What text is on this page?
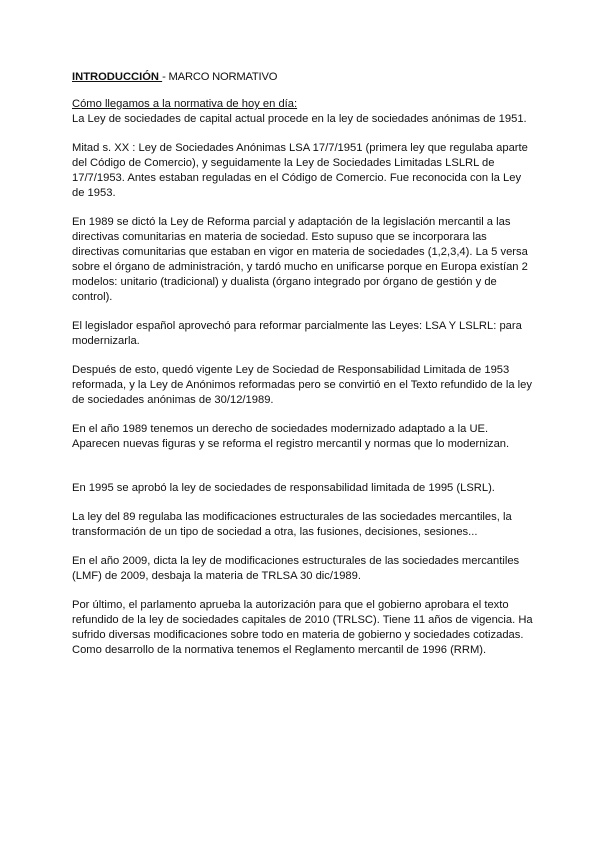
INTRODUCCIÓN - MARCO NORMATIVO
Cómo llegamos a la normativa de hoy en día:

La Ley de sociedades de capital actual procede en la ley de sociedades anónimas de 1951.

Mitad s. XX : Ley de Sociedades Anónimas LSA 17/7/1951 (primera ley que regulaba aparte del Código de Comercio), y seguidamente la Ley de Sociedades Limitadas LSLRL de 17/7/1953. Antes estaban reguladas en el Código de Comercio. Fue reconocida con la Ley de 1953.

En 1989 se dictó la Ley de Reforma parcial y adaptación de la legislación mercantil a las directivas comunitarias en materia de sociedad. Esto supuso que se incorporara las directivas comunitarias que estaban en vigor en materia de sociedades (1,2,3,4). La 5 versa sobre el órgano de administración, y tardó mucho en unificarse porque en Europa existían 2 modelos: unitario (tradicional) y dualista (órgano integrado por órgano de gestión y de control).

El legislador español aprovechó para reformar parcialmente las Leyes: LSA Y LSLRL: para modernizarla.

Después de esto, quedó vigente Ley de Sociedad de Responsabilidad Limitada de 1953 reformada, y la Ley de Anónimos reformadas pero se convirtió en el Texto refundido de la ley de sociedades anónimas de 30/12/1989.

En el año 1989 tenemos un derecho de sociedades modernizado adaptado a la UE. Aparecen nuevas figuras y se reforma el registro mercantil y normas que lo modernizan.

En 1995 se aprobó la ley de sociedades de responsabilidad limitada de 1995 (LSRL).

La ley del 89 regulaba las modificaciones estructurales de las sociedades mercantiles, la transformación de un tipo de sociedad a otra, las fusiones, decisiones, sesiones...

En el año 2009, dicta la ley de modificaciones estructurales de las sociedades mercantiles (LMF) de 2009, desbaja la materia de TRLSA 30 dic/1989.

Por último, el parlamento aprueba la autorización para que el gobierno aprobara el texto refundido de la ley de sociedades capitales de 2010 (TRLSC). Tiene 11 años de vigencia. Ha sufrido diversas modificaciones sobre todo en materia de gobierno y sociedades cotizadas. Como desarrollo de la normativa tenemos el Reglamento mercantil de 1996 (RRM).
